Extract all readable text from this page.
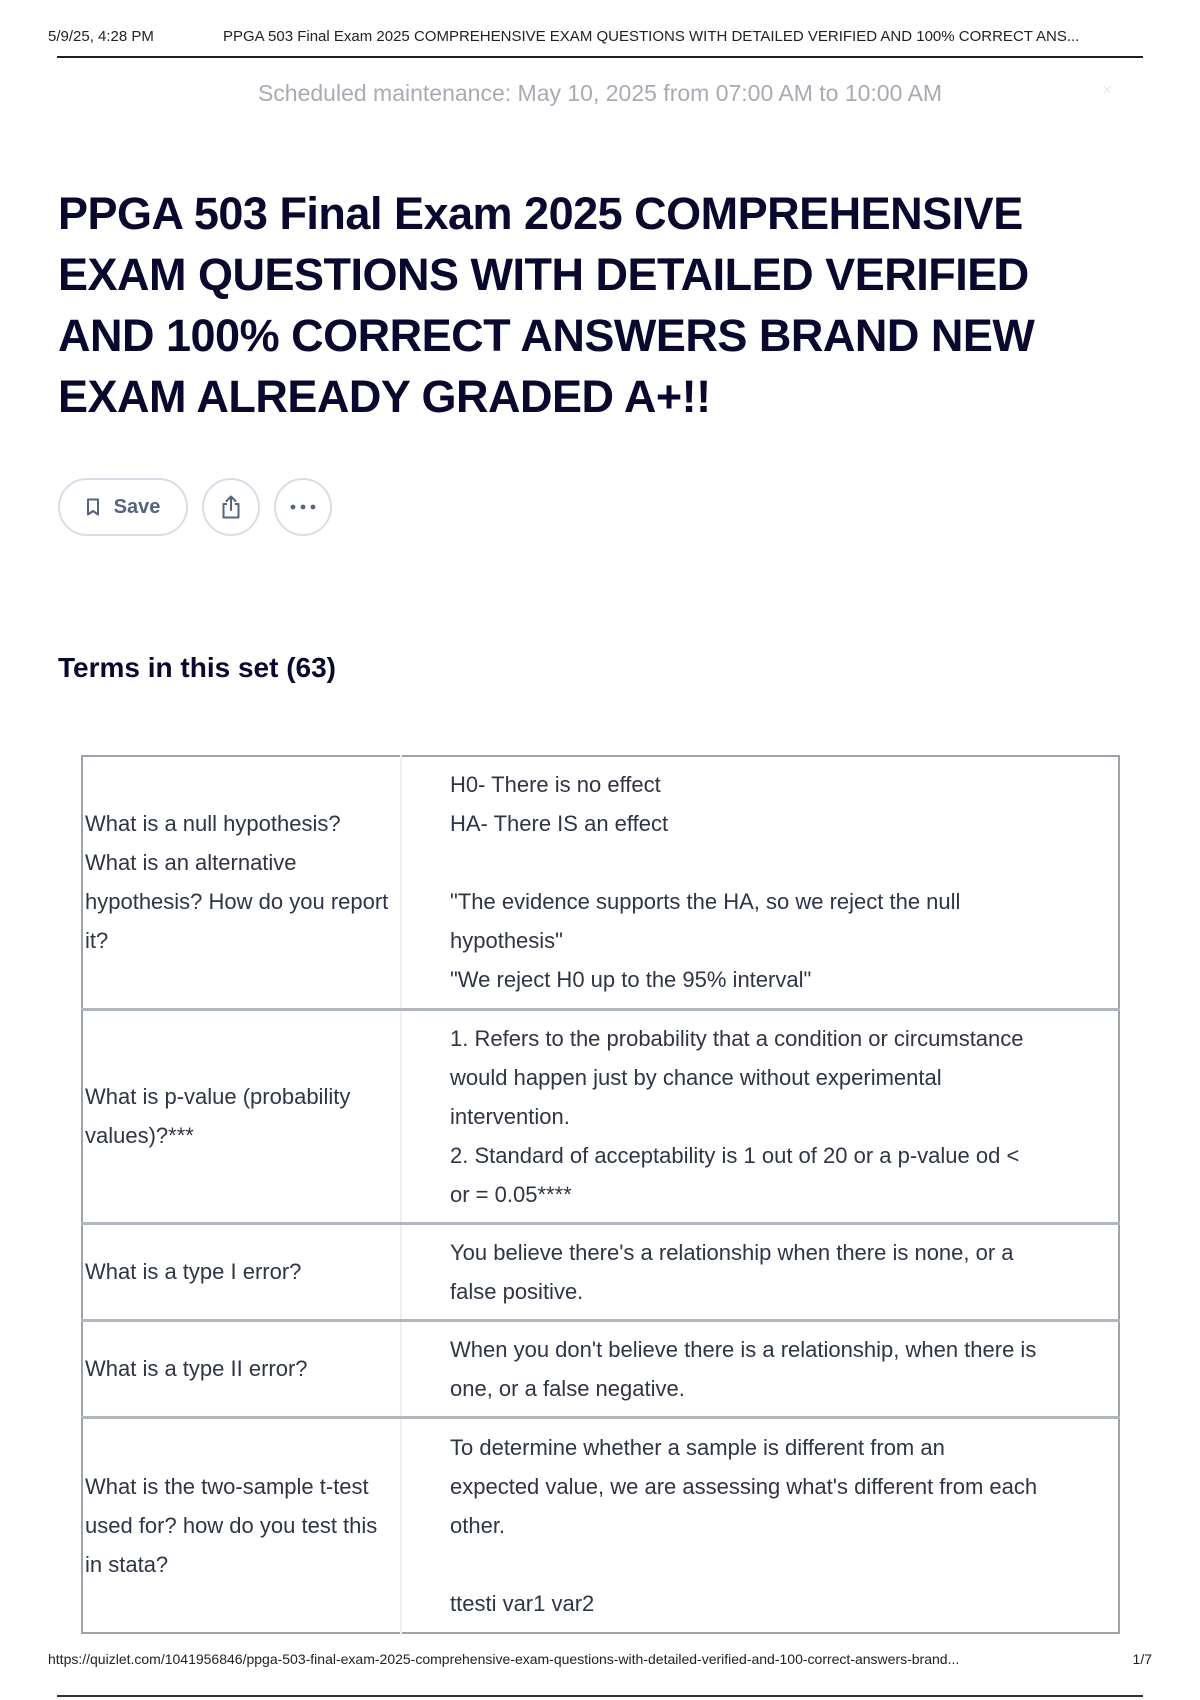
5/9/25, 4:28 PM	PPGA 503 Final Exam 2025 COMPREHENSIVE EXAM QUESTIONS WITH DETAILED VERIFIED AND 100% CORRECT ANS...
Scheduled maintenance: May 10, 2025 from 07:00 AM to 10:00 AM	×
PPGA 503 Final Exam 2025 COMPREHENSIVE EXAM QUESTIONS WITH DETAILED VERIFIED AND 100% CORRECT ANSWERS BRAND NEW EXAM ALREADY GRADED A+!!
Save
Terms in this set (63)
What is a null hypothesis? What is an alternative hypothesis? How do you report it?	H0- There is no effect
HA- There IS an effect

"The evidence supports the HA, so we reject the null hypothesis"
"We reject H0 up to the 95% interval"
What is p-value (probability values)?***	1. Refers to the probability that a condition or circumstance would happen just by chance without experimental intervention.
2. Standard of acceptability is 1 out of 20 or a p-value od < or = 0.05****
What is a type I error?	You believe there's a relationship when there is none, or a false positive.
What is a type II error?	When you don't believe there is a relationship, when there is one, or a false negative.
What is the two-sample t-test used for? how do you test this in stata?	To determine whether a sample is different from an expected value, we are assessing what's different from each other.

ttesti var1 var2
https://quizlet.com/1041956846/ppga-503-final-exam-2025-comprehensive-exam-questions-with-detailed-verified-and-100-correct-answers-brand...	1/7
